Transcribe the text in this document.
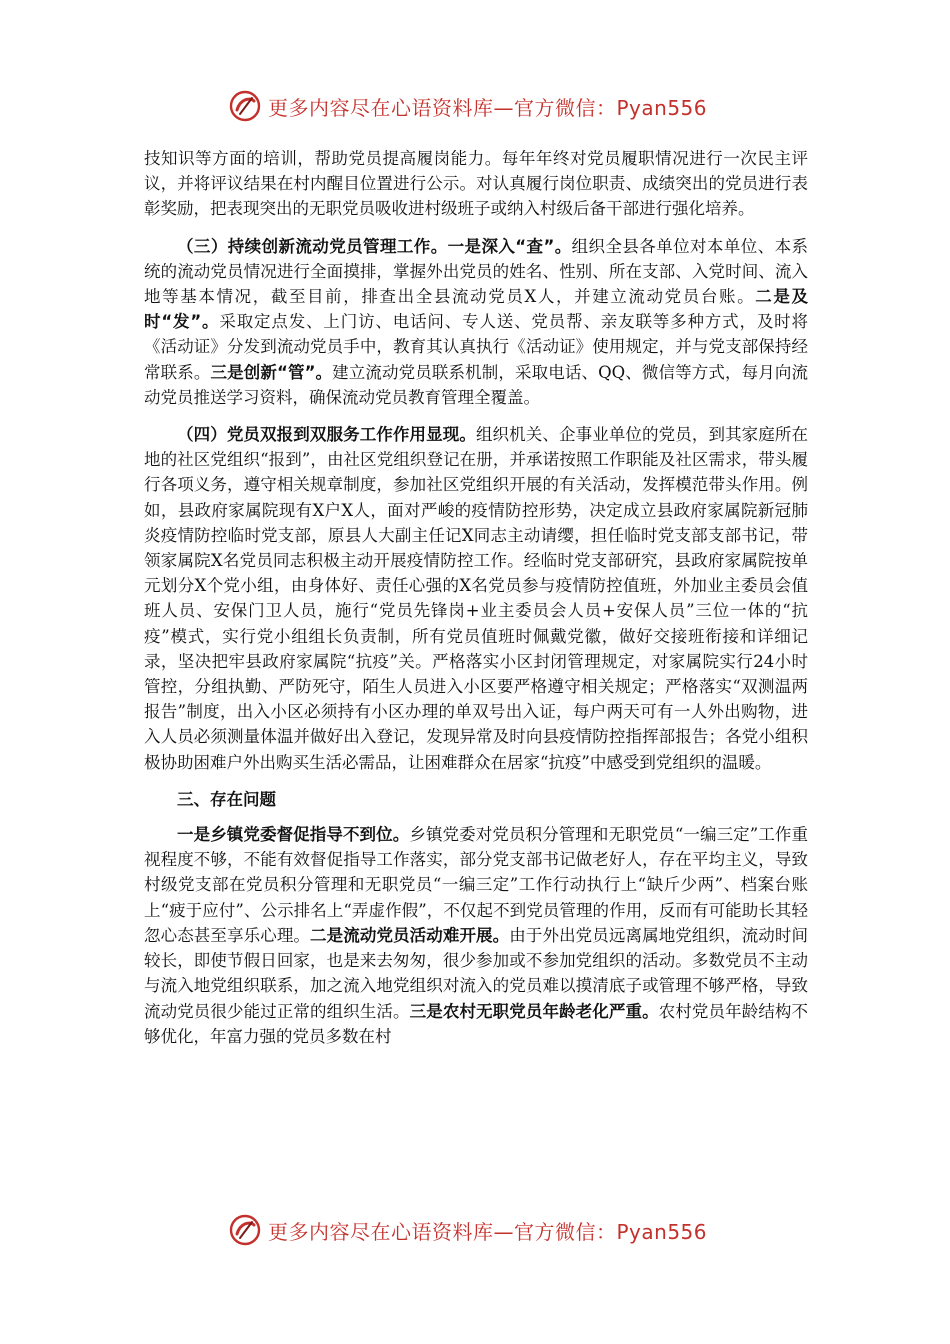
更多内容尽在心语资料库—官方微信：Pyan556

技知识等方面的培训，帮助党员提高履岗能力。每年年终对党员履职情况进行一次民主评议，并将评议结果在村内醒目位置进行公示。对认真履行岗位职责、成绩突出的党员进行表彰奖励，把表现突出的无职党员吸收进村级班子或纳入村级后备干部进行强化培养。

（三）持续创新流动党员管理工作。一是深入“查”。组织全县各单位对本单位、本系统的流动党员情况进行全面摸排，掌握外出党员的姓名、性别、所在支部、入党时间、流入地等基本情况，截至目前，排查出全县流动党员X人，并建立流动党员台账。二是及时“发”。采取定点发、上门访、电话问、专人送、党员帮、亲友联等多种方式，及时将《活动证》分发到流动党员手中，教育其认真执行《活动证》使用规定，并与党支部保持经常联系。三是创新“管”。建立流动党员联系机制，采取电话、QQ、微信等方式，每月向流动党员推送学习资料，确保流动党员教育管理全覆盖。

（四）党员双报到双服务工作作用显现。组织机关、企事业单位的党员，到其家庭所在地的社区党组织“报到”，由社区党组织登记在册，并承诺按照工作职能及社区需求，带头履行各项义务，遵守相关规章制度，参加社区党组织开展的有关活动，发挥模范带头作用。例如，县政府家属院现有X户X人，面对严峻的疫情防控形势，决定成立县政府家属院新冠肺炎疫情防控临时党支部，原县人大副主任记X同志主动请缨，担任临时党支部支部书记，带领家属院X名党员同志积极主动开展疫情防控工作。经临时党支部研究，县政府家属院按单元划分X个党小组，由身体好、责任心强的X名党员参与疫情防控值班，外加业主委员会值班人员、安保门卫人员，施行“党员先锋岗+业主委员会人员+安保人员”三位一体的“抗疫”模式，实行党小组组长负责制，所有党员值班时佩戴党徽，做好交接班衔接和详细记录，坚决把牢县政府家属院“抗疫”关。严格落实小区封闭管理规定，对家属院实行24小时管控，分组执勤、严防死守，陌生人员进入小区要严格遵守相关规定；严格落实“双测温两报告”制度，出入小区必须持有小区办理的单双号出入证，每户两天可有一人外出购物，进入人员必须测量体温并做好出入登记，发现异常及时向县疫情防控指挥部报告；各党小组积极协助困难户外出购买生活必需品，让困难群众在居家“抗疫”中感受到党组织的温暖。

三、存在问题

一是乡镇党委督促指导不到位。乡镇党委对党员积分管理和无职党员“一编三定”工作重视程度不够，不能有效督促指导工作落实，部分党支部书记做老好人，存在平均主义，导致村级党支部在党员积分管理和无职党员“一编三定”工作行动执行上“缺斤少两”、档案台账上“疲于应付”、公示排名上“弄虚作假”，不仅起不到党员管理的作用，反而有可能助长其轻忽心态甚至享乐心理。二是流动党员活动难开展。由于外出党员远离属地党组织，流动时间较长，即使节假日回家，也是来去匆匆，很少参加或不参加党组织的活动。多数党员不主动与流入地党组织联系，加之流入地党组织对流入的党员难以摸清底子或管理不够严格，导致流动党员很少能过正常的组织生活。三是农村无职党员年龄老化严重。农村党员年龄结构不够优化，年富力强的党员多数在村

更多内容尽在心语资料库—官方微信：Pyan556
